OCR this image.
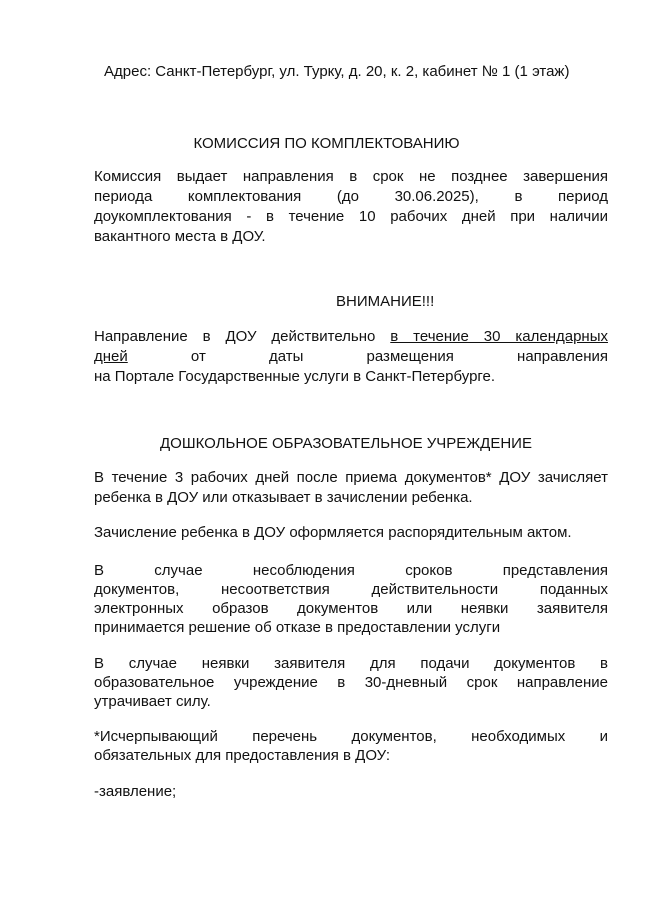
Адрес: Санкт-Петербург, ул. Турку, д. 20, к. 2, кабинет № 1 (1 этаж)

КОМИССИЯ ПО КОМПЛЕКТОВАНИЮ

Комиссия выдает направления в срок не позднее завершения

периода комплектования (до 30.06.2025), в период

доукомплектования - в течение 10 рабочих дней при наличии

вакантного места в ДОУ.

ВНИМАНИЕ!!!

Направление в ДОУ действительно в течение 30 календарных

дней от даты размещения направления

на Портале Государственные услуги в Санкт-Петербурге.

ДОШКОЛЬНОЕ ОБРАЗОВАТЕЛЬНОЕ УЧРЕЖДЕНИЕ

В течение 3 рабочих дней после приема документов* ДОУ зачисляет

ребенка в ДОУ или отказывает в зачислении ребенка.

Зачисление ребенка в ДОУ оформляется распорядительным актом.

В случае несоблюдения сроков представления

документов, несоответствия действительности поданных

электронных образов документов или неявки заявителя

принимается решение об отказе в предоставлении услуги

В случае неявки заявителя для подачи документов в

образовательное учреждение в 30-дневный срок направление

утрачивает силу.

*Исчерпывающий перечень документов, необходимых и

обязательных для предоставления в ДОУ:

-заявление;
